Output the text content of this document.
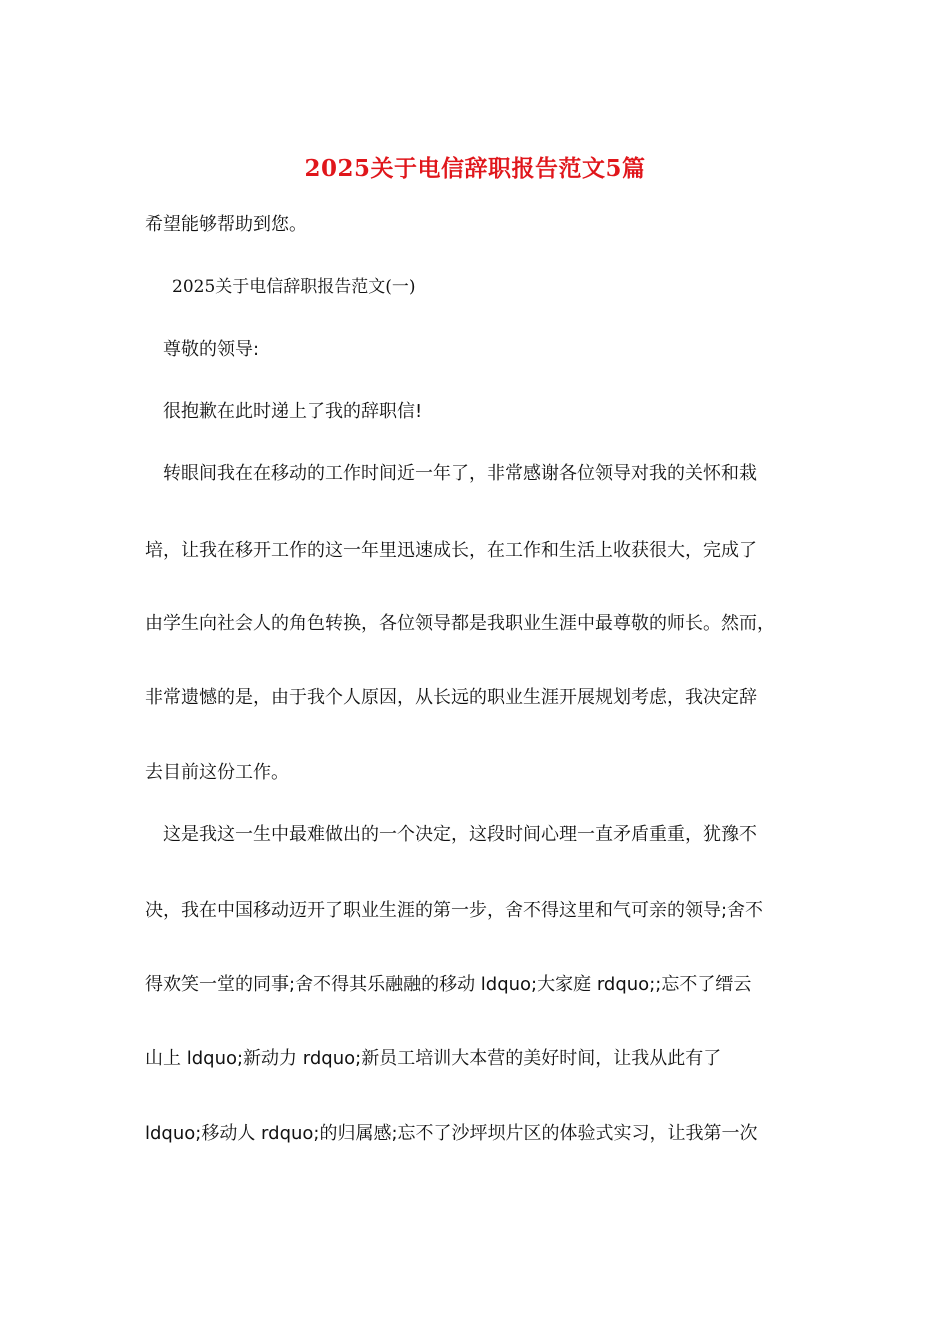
2025关于电信辞职报告范文5篇
希望能够帮助到您。
2025关于电信辞职报告范文(一)
尊敬的领导:
很抱歉在此时递上了我的辞职信!
转眼间我在在移动的工作时间近一年了，非常感谢各位领导对我的关怀和栽
培，让我在移开工作的这一年里迅速成长，在工作和生活上收获很大，完成了
由学生向社会人的角色转换，各位领导都是我职业生涯中最尊敬的师长。然而，
非常遗憾的是，由于我个人原因，从长远的职业生涯开展规划考虑，我决定辞
去目前这份工作。
这是我这一生中最难做出的一个决定，这段时间心理一直矛盾重重，犹豫不
决，我在中国移动迈开了职业生涯的第一步，舍不得这里和气可亲的领导;舍不
得欢笑一堂的同事;舍不得其乐融融的移动 ldquo;大家庭 rdquo;;忘不了缙云
山上 ldquo;新动力 rdquo;新员工培训大本营的美好时间，让我从此有了
ldquo;移动人 rdquo;的归属感;忘不了沙坪坝片区的体验式实习，让我第一次
